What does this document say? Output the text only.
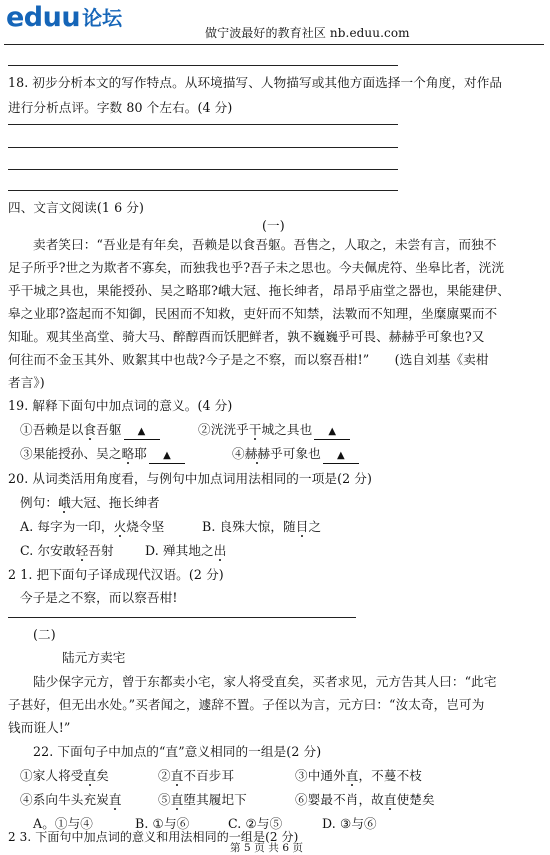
eduu 论坛
做宁波最好的教育社区 nb.eduu.com
18. 初步分析本文的写作特点。从环境描写、人物描写或其他方面选择一个角度，对作品
进行分析点评。字数 80 个左右。(4 分)
四、文言文阅读(1 6 分)
(一)
卖者笑曰：“吾业是有年矣，吾赖是以食吾躯。吾售之，人取之，未尝有言，而独不
足子所乎?世之为欺者不寡矣，而独我也乎?吾子未之思也。今夫佩虎符、坐皋比者，洸洸
乎干城之具也，果能授孙、吴之略耶?峨大冠、拖长绅者，昂昂乎庙堂之器也，果能建伊、
皋之业耶?盗起而不知御，民困而不知救，吏奸而不知禁，法斁而不知理，坐糜廪粟而不
知耻。观其坐高堂、骑大马、醉醇酉而饫肥鲜者，孰不巍巍乎可畏、赫赫乎可象也?又
何往而不金玉其外、败絮其中也哉?今子是之不察，而以察吾柑!”　　(选自刘基《卖柑
者言》)
19. 解释下面句中加点词的意义。(4 分)
①吾赖是以食吾躯 ▲	②洸洸乎干城之具也 ▲
③果能授孙、吴之略耶 ▲	④赫赫乎可象也 ▲
20. 从词类活用角度看，与例句中加点词用法相同的一项是(2 分)
例句：峨大冠、拖长绅者
A. 每字为一印，火烧令坚	B. 良殊大惊，随目之
C. 尔安敢轻吾射 D. 殚其地之出
2 1. 把下面句子译成现代汉语。(2 分)
今子是之不察，而以察吾柑!
(二)
陆元方卖宅
陆少保字元方，曾于东都卖小宅，家人将受直矣，买者求见，元方告其人曰：“此宅
子甚好，但无出水处。”买者闻之，遽辞不置。子侄以为言，元方曰：“汝太奇，岂可为
钱而诳人!”
22. 下面句子中加点的“直”意义相同的一组是(2 分)
①家人将受直矣	②直不百步耳	③中通外直，不蔓不枝
④系向牛头充炭直	⑤直堕其履圯下	⑥婴最不肖，故直使楚矣
A。①与④	B. ①与⑥	C. ②与⑤	D. ③与⑥
2 3. 下面句中加点词的意义和用法相同的一组是(2 分)
第 5 页 共 6 页
